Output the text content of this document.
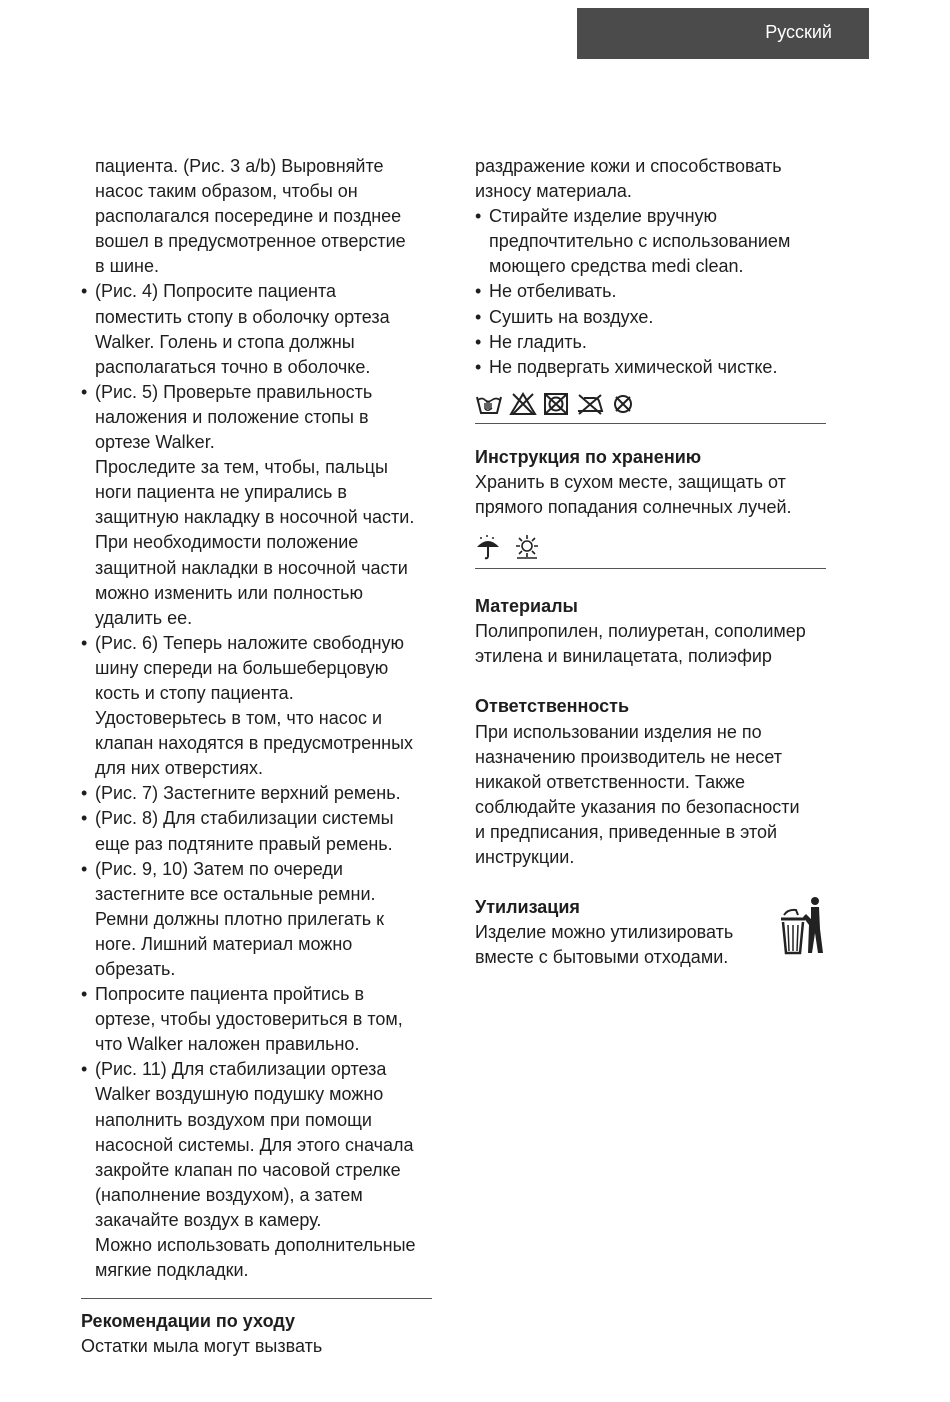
Русский
пациента. (Рис. 3 a/b) Выровняйте
насос таким образом, чтобы он
располагался посередине и позднее
вошел в предусмотренное отверстие
в шине.
• (Рис. 4) Попросите пациента
поместить стопу в оболочку ортеза
Walker. Голень и стопа должны
располагаться точно в оболочке.
• (Рис. 5) Проверьте правильность
наложения и положение стопы в
ортезе Walker.
Проследите за тем, чтобы, пальцы
ноги пациента не упирались в
защитную накладку в носочной части.
При необходимости положение
защитной накладки в носочной части
можно изменить или полностью
удалить ее.
• (Рис. 6) Теперь наложите свободную
шину спереди на большеберцовую
кость и стопу пациента.
Удостоверьтесь в том, что насос и
клапан находятся в предусмотренных
для них отверстиях.
• (Рис. 7) Застегните верхний ремень.
• (Рис. 8) Для стабилизации системы
еще раз подтяните правый ремень.
• (Рис. 9, 10) Затем по очереди
застегните все остальные ремни.
Ремни должны плотно прилегать к
ноге. Лишний материал можно
обрезать.
• Попросите пациента пройтись в
ортезе, чтобы удостовериться в том,
что Walker наложен правильно.
• (Рис. 11) Для стабилизации ортеза
Walker воздушную подушку можно
наполнить воздухом при помощи
насосной системы. Для этого сначала
закройте клапан по часовой стрелке
(наполнение воздухом), а затем
закачайте воздух в камеру.
Можно использовать дополнительные
мягкие подкладки.

Рекомендации по уходу

Остатки мыла могут вызвать

раздражение кожи и способствовать
износу материала.
• Стирайте изделие вручную
предпочтительно с использованием
моющего средства medi clean.
• Не отбеливать.
• Сушить на воздухе.
• Не гладить.
• Не подвергать химической чистке.

Инструкция по хранению

Хранить в сухом месте, защищать от
прямого попадания солнечных лучей.

Материалы

Полипропилен, полиуретан, сополимер
этилена и винилацетата, полиэфир

Ответственность

При использовании изделия не по
назначению производитель не несет
никакой ответственности. Также
соблюдайте указания по безопасности
и предписания, приведенные в этой
инструкции.

Утилизация

Изделие можно утилизировать
вместе с бытовыми отходами.
